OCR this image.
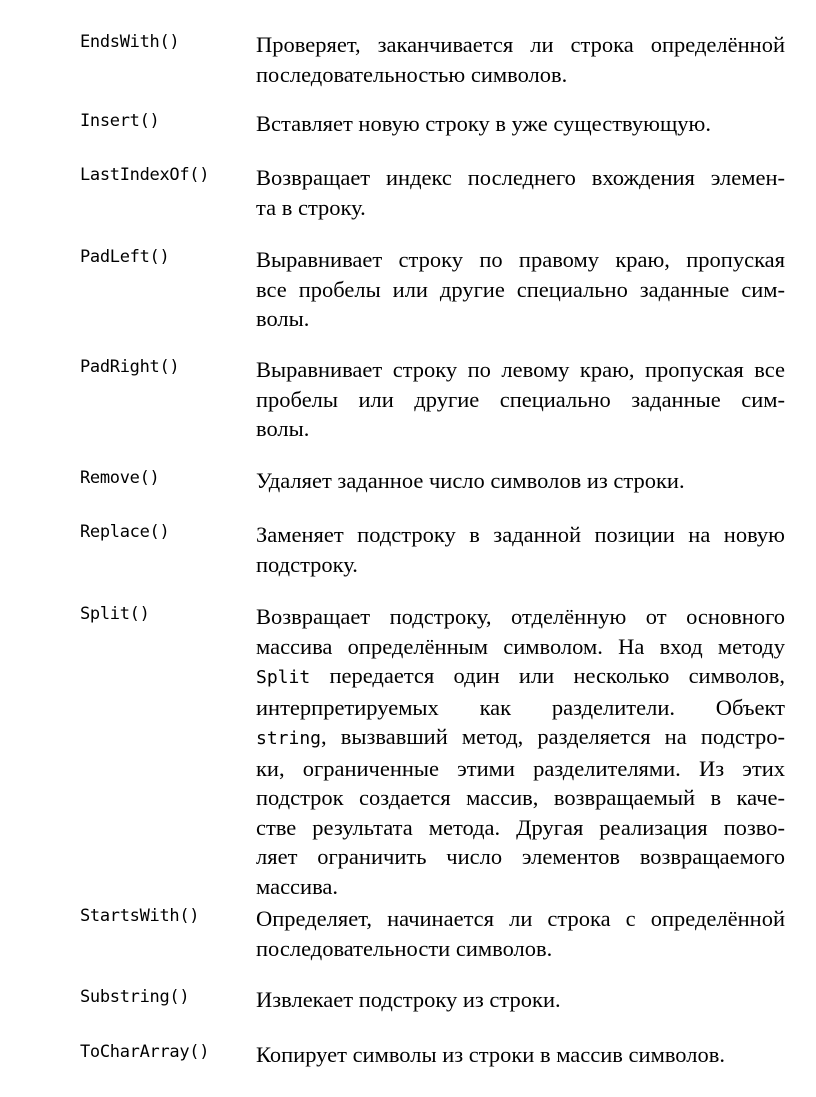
EndsWith()	Проверяет, заканчивается ли строка определённой
последовательностью символов.
Insert()	Вставляет новую строку в уже существующую.
LastIndexOf() Возвращает индекс последнего вхождения элемен-
та в строку.
PadLeft()	Выравнивает строку по правому краю, пропуская
все пробелы или другие специально заданные сим-
волы.
PadRight()	Выравнивает строку по левому краю, пропуская все
пробелы или другие специально заданные сим-
волы.
Remove()	Удаляет заданное число символов из строки.
Replace()	Заменяет подстроку в заданной позиции на новую
подстроку.
Split()	Возвращает подстроку, отделённую от основного
массива определённым символом. На вход методу
Split передается один или несколько символов,
интерпретируемых как разделители. Объект
string, вызвавший метод, разделяется на подстро-
ки, ограниченные этими разделителями. Из этих
подстрок создается массив, возвращаемый в каче-
стве результата метода. Другая реализация позво-
ляет ограничить число элементов возвращаемого
массива.
StartsWith()	Определяет, начинается ли строка с определённой
последовательности символов.
Substring()	Извлекает подстроку из строки.
ToCharArray() Копирует символы из строки в массив символов.
